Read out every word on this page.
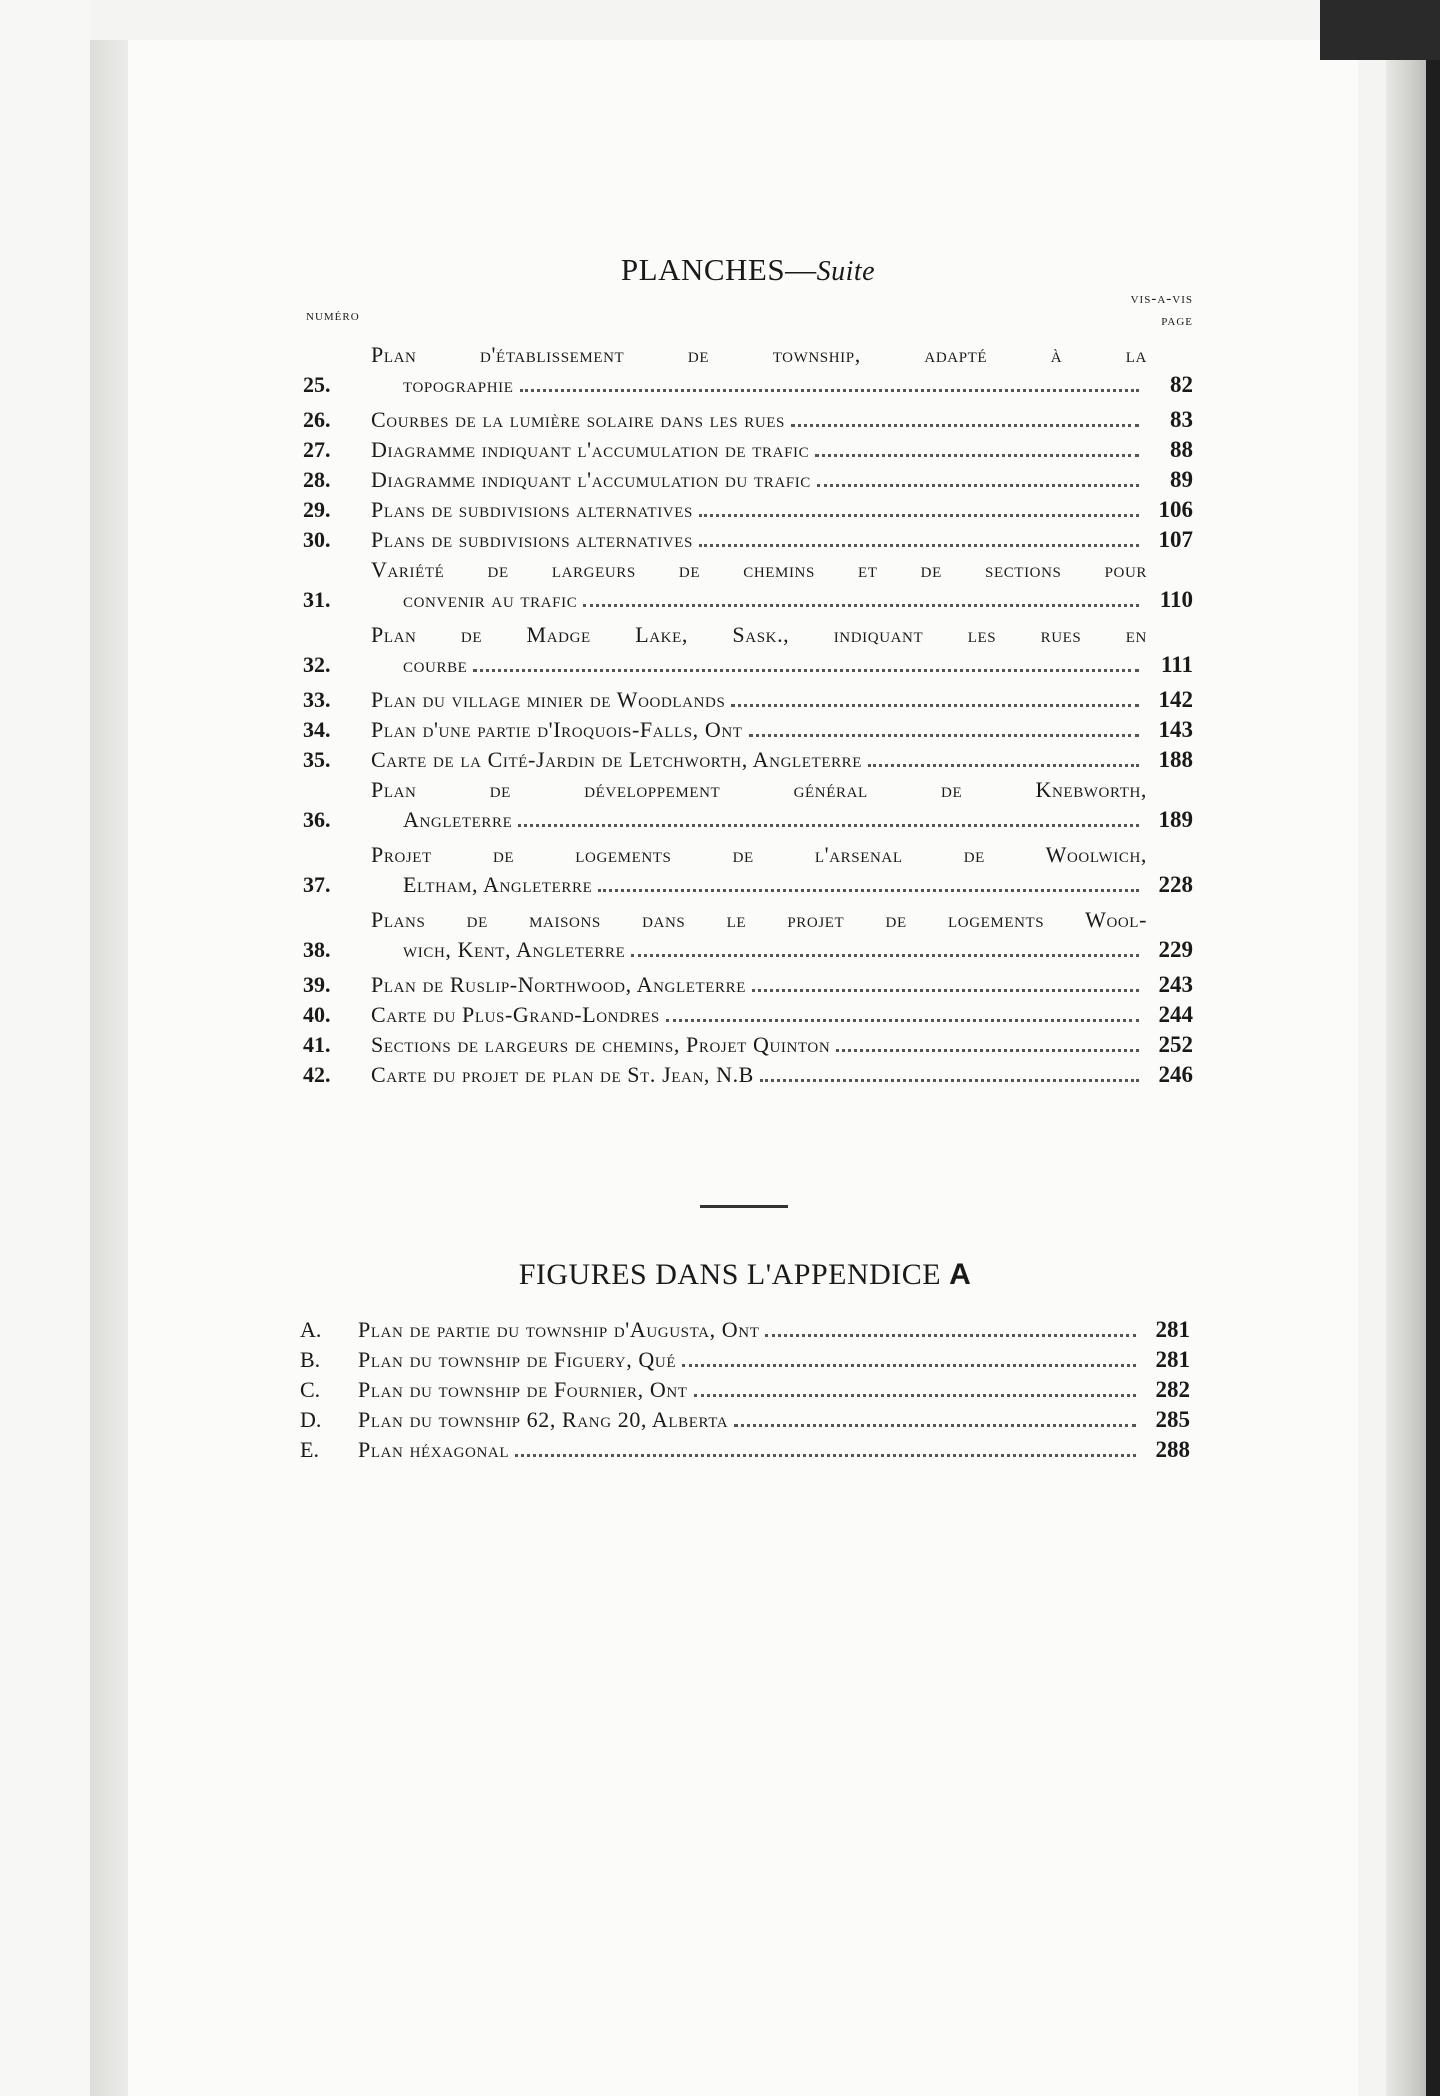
PLANCHES—Suite
numéro
vis-a-vis
page
25.
Plan d'établissement de township, adapté à la
topographie	82
26.	Courbes de la lumière solaire dans les rues	83
27.	Diagramme indiquant l'accumulation de trafic	88
28.	Diagramme indiquant l'accumulation du trafic	89
29.	Plans de subdivisions alternatives	106
30.	Plans de subdivisions alternatives	107
31.
Variété de largeurs de chemins et de sections pour
convenir au trafic	110
32.
Plan de Madge Lake, Sask., indiquant les rues en
courbe	111
33.	Plan du village minier de Woodlands	142
34.	Plan d'une partie d'Iroquois-Falls, Ont	143
35.	Carte de la Cité-Jardin de Letchworth, Angleterre	188
36.
Plan de développement général de Knebworth,
Angleterre	189
37.
Projet de logements de l'arsenal de Woolwich,
Eltham, Angleterre	228
38.
Plans de maisons dans le projet de logements Wool-
wich, Kent, Angleterre	229
39.	Plan de Ruslip-Northwood, Angleterre	243
40.	Carte du Plus-Grand-Londres	244
41.	Sections de largeurs de chemins, Projet Quinton	252
42.	Carte du projet de plan de St. Jean, N.B	246
FIGURES DANS L'APPENDICE A
A.	Plan de partie du township d'Augusta, Ont	281
B.	Plan du township de Figuery, Qué	281
C.	Plan du township de Fournier, Ont	282
D.	Plan du township 62, Rang 20, Alberta	285
E.	Plan héxagonal	288
